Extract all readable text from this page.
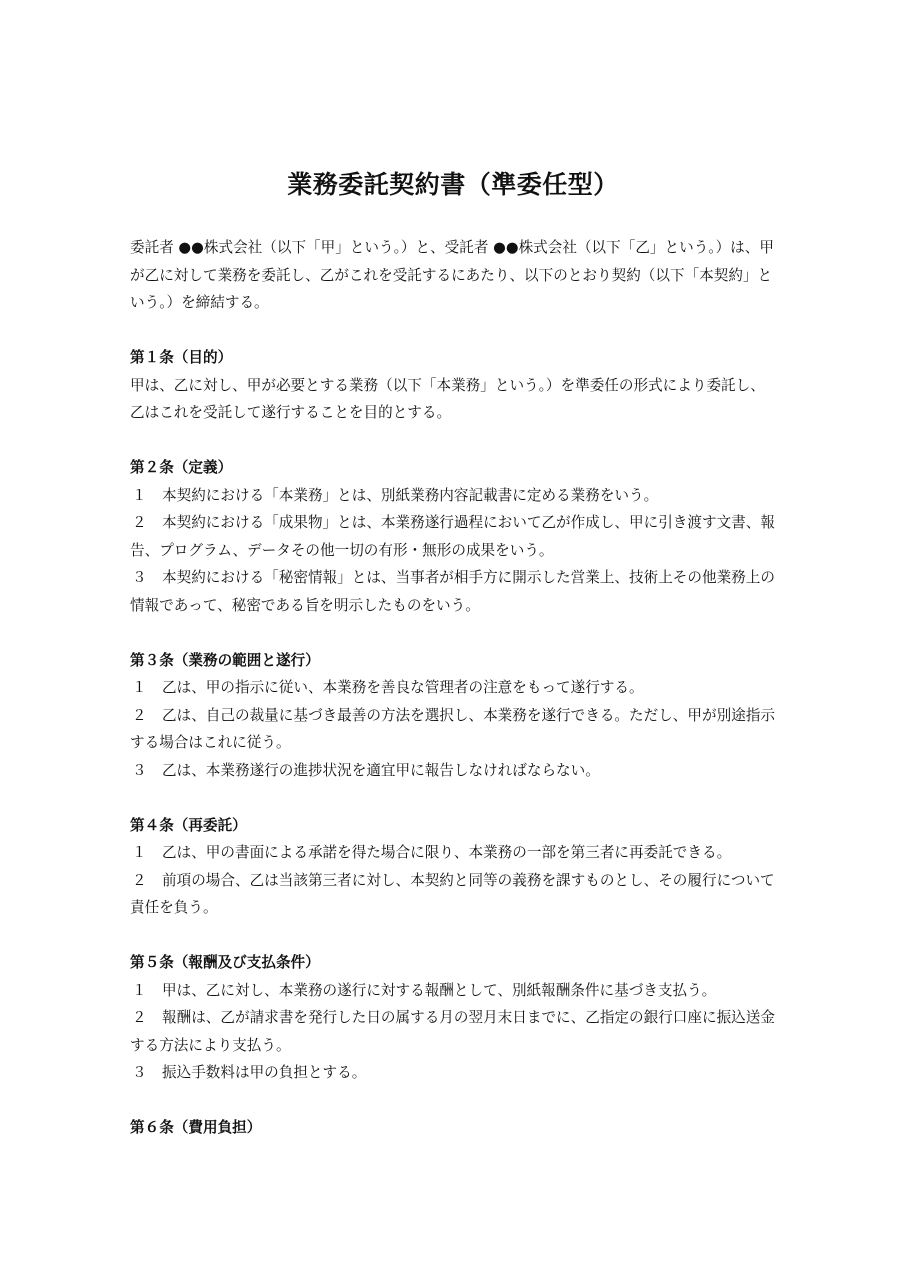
業務委託契約書（準委任型）

委託者 ●●株式会社（以下「甲」という。）と、受託者 ●●株式会社（以下「乙」という。）は、甲が乙に対して業務を委託し、乙がこれを受託するにあたり、以下のとおり契約（以下「本契約」という。）を締結する。

第１条（目的）

甲は、乙に対し、甲が必要とする業務（以下「本業務」という。）を準委任の形式により委託し、乙はこれを受託して遂行することを目的とする。

第２条（定義）

１ 本契約における「本業務」とは、別紙業務内容記載書に定める業務をいう。

２ 本契約における「成果物」とは、本業務遂行過程において乙が作成し、甲に引き渡す文書、報告、プログラム、データその他一切の有形・無形の成果をいう。

３ 本契約における「秘密情報」とは、当事者が相手方に開示した営業上、技術上その他業務上の情報であって、秘密である旨を明示したものをいう。

第３条（業務の範囲と遂行）

１ 乙は、甲の指示に従い、本業務を善良な管理者の注意をもって遂行する。

２ 乙は、自己の裁量に基づき最善の方法を選択し、本業務を遂行できる。ただし、甲が別途指示する場合はこれに従う。

３ 乙は、本業務遂行の進捗状況を適宜甲に報告しなければならない。

第４条（再委託）

１ 乙は、甲の書面による承諾を得た場合に限り、本業務の一部を第三者に再委託できる。

２ 前項の場合、乙は当該第三者に対し、本契約と同等の義務を課すものとし、その履行について責任を負う。

第５条（報酬及び支払条件）

１ 甲は、乙に対し、本業務の遂行に対する報酬として、別紙報酬条件に基づき支払う。

２ 報酬は、乙が請求書を発行した日の属する月の翌月末日までに、乙指定の銀行口座に振込送金する方法により支払う。

３ 振込手数料は甲の負担とする。

第６条（費用負担）
